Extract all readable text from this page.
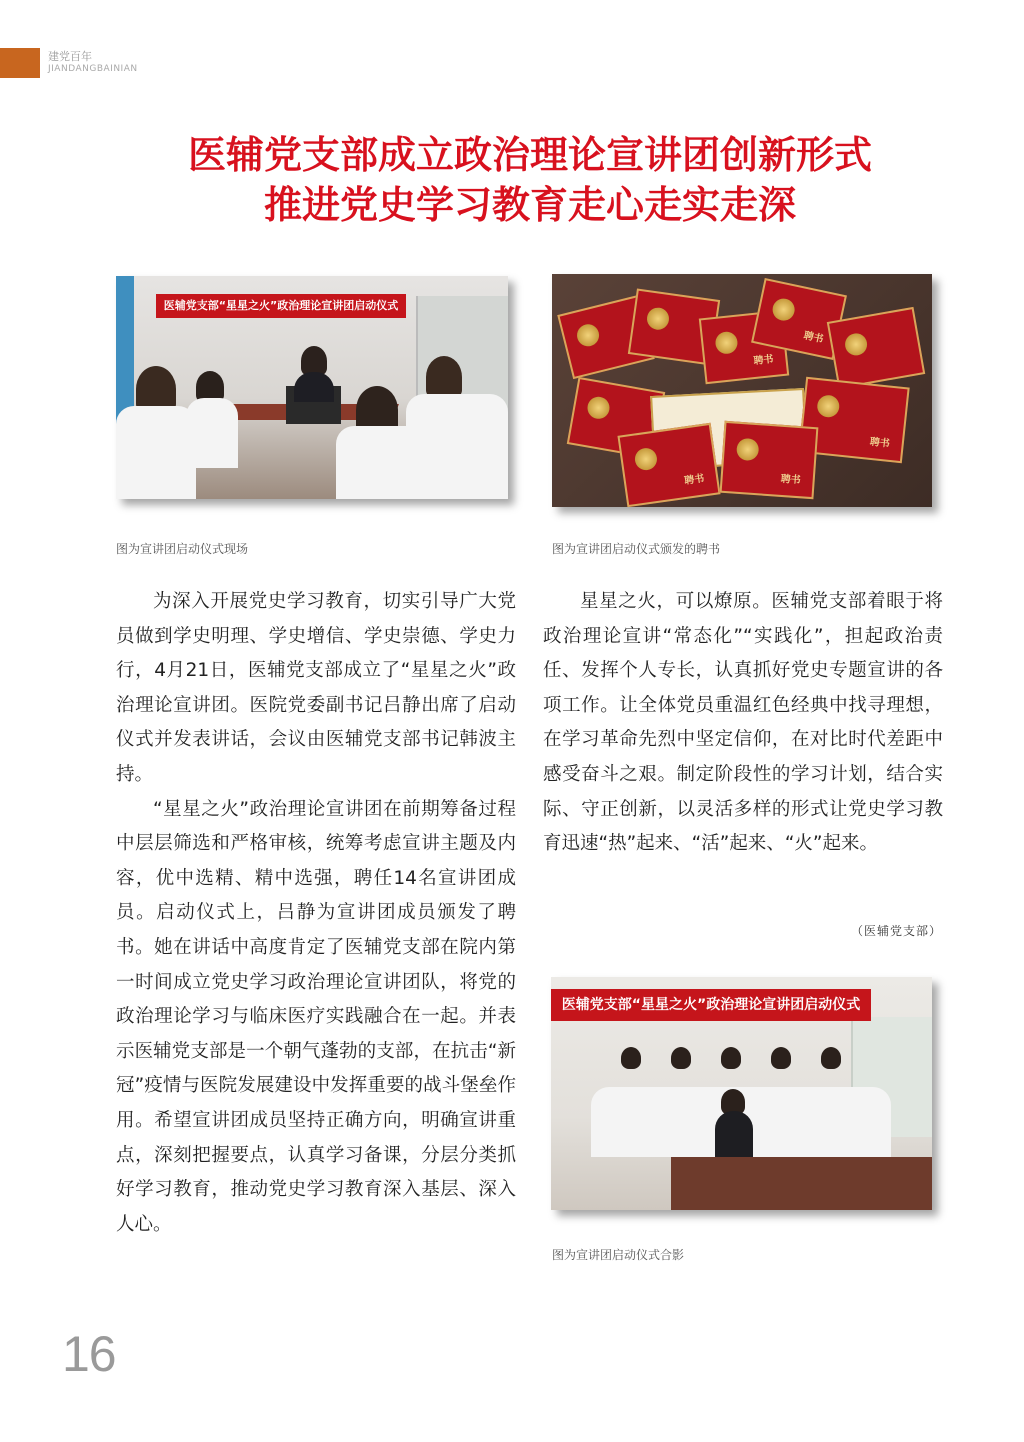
建党百年
JIANDANGBAINIAN
医辅党支部成立政治理论宣讲团创新形式
推进党史学习教育走心走实走深
医辅党支部“星星之火”政治理论宣讲团启动仪式
图为宣讲团启动仪式现场
聘书
聘书
聘书
聘书	聘书
图为宣讲团启动仪式颁发的聘书

为深入开展党史学习教育，切实引导广大党员做到学史明理、学史增信、学史崇德、学史力行，4月21日，医辅党支部成立了“星星之火”政治理论宣讲团。医院党委副书记吕静出席了启动仪式并发表讲话，会议由医辅党支部书记韩波主持。

“星星之火”政治理论宣讲团在前期筹备过程中层层筛选和严格审核，统筹考虑宣讲主题及内容，优中选精、精中选强，聘任14名宣讲团成员。启动仪式上，吕静为宣讲团成员颁发了聘书。她在讲话中高度肯定了医辅党支部在院内第一时间成立党史学习政治理论宣讲团队，将党的政治理论学习与临床医疗实践融合在一起。并表示医辅党支部是一个朝气蓬勃的支部，在抗击“新冠”疫情与医院发展建设中发挥重要的战斗堡垒作用。希望宣讲团成员坚持正确方向，明确宣讲重点，深刻把握要点，认真学习备课，分层分类抓好学习教育，推动党史学习教育深入基层、深入人心。

星星之火，可以燎原。医辅党支部着眼于将政治理论宣讲“常态化”“实践化”，担起政治责任、发挥个人专长，认真抓好党史专题宣讲的各项工作。让全体党员重温红色经典中找寻理想，在学习革命先烈中坚定信仰，在对比时代差距中感受奋斗之艰。制定阶段性的学习计划，结合实际、守正创新，以灵活多样的形式让党史学习教育迅速“热”起来、“活”起来、“火”起来。

（医辅党支部）
医辅党支部“星星之火”政治理论宣讲团启动仪式
图为宣讲团启动仪式合影
16
